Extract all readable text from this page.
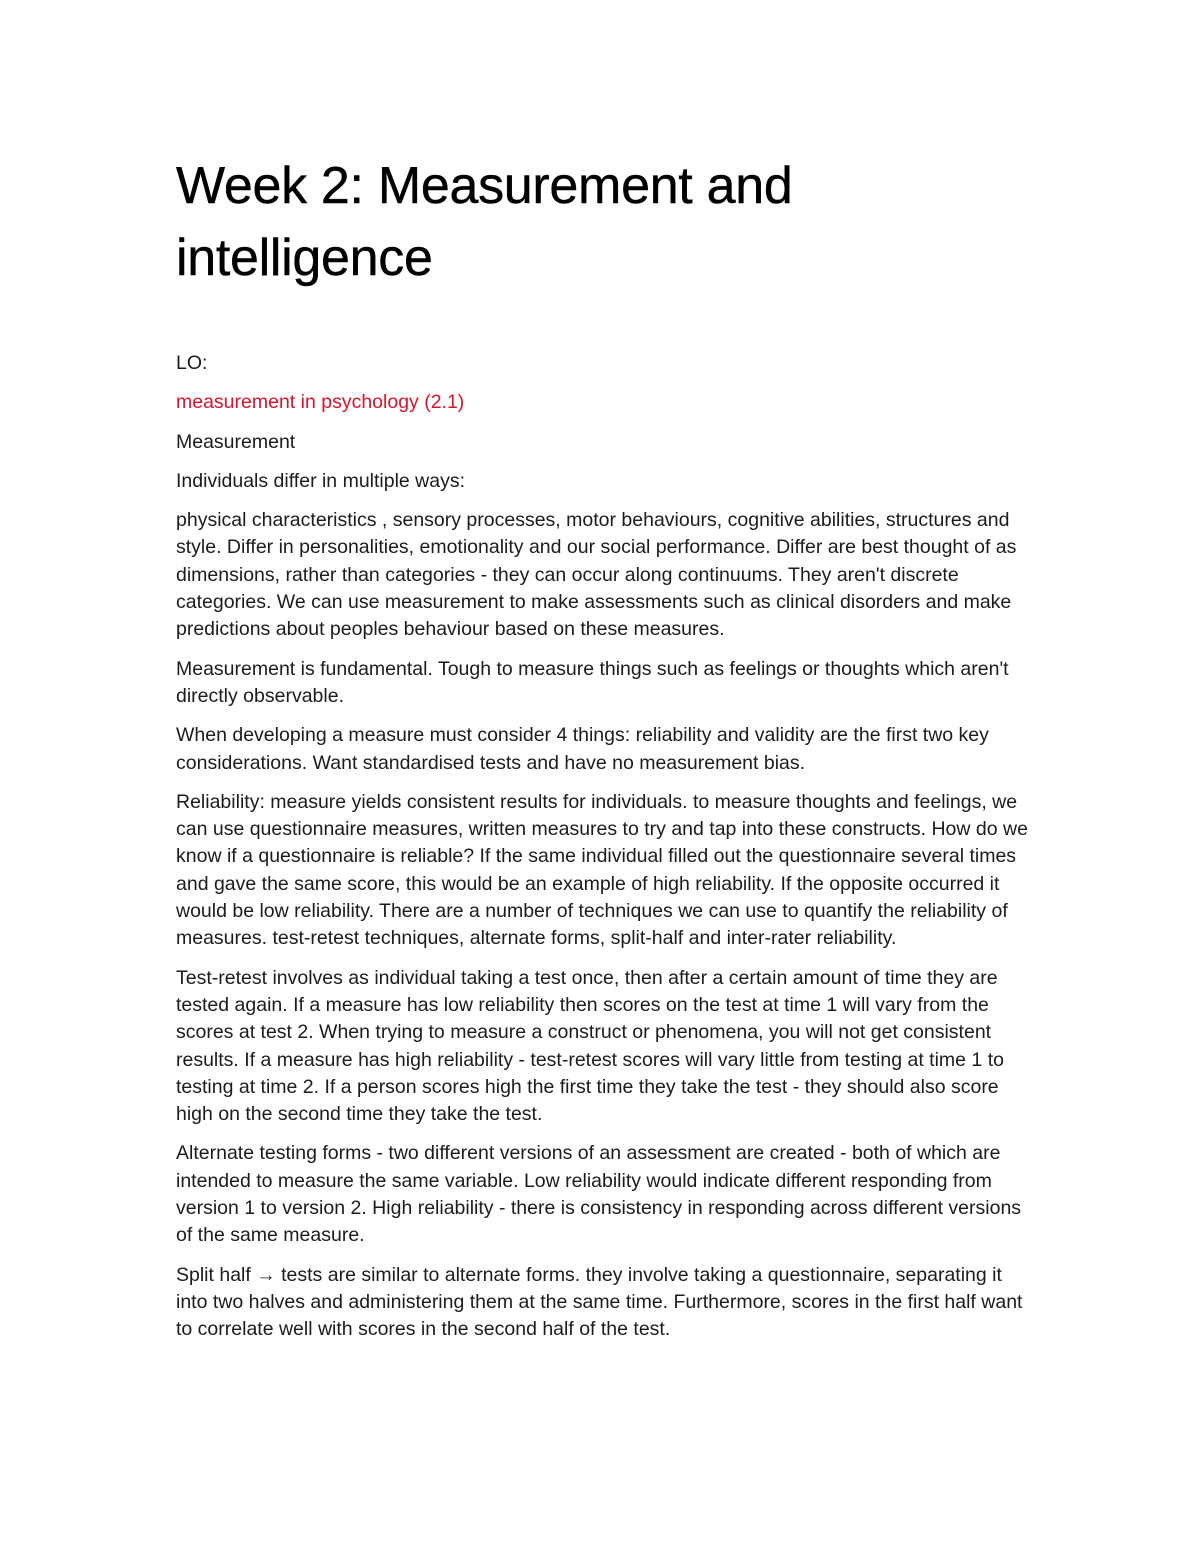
Week 2: Measurement and intelligence

LO:

measurement in psychology (2.1)

Measurement

Individuals differ in multiple ways:

physical characteristics , sensory processes, motor behaviours, cognitive abilities, structures and style. Differ in personalities, emotionality and our social performance. Differ are best thought of as dimensions, rather than categories - they can occur along continuums. They aren't discrete categories. We can use measurement to make assessments such as clinical disorders and make predictions about peoples behaviour based on these measures.

Measurement is fundamental. Tough to measure things such as feelings or thoughts which aren't directly observable.

When developing a measure must consider 4 things: reliability and validity are the first two key considerations. Want standardised tests and have no measurement bias.

Reliability: measure yields consistent results for individuals. to measure thoughts and feelings, we can use questionnaire measures, written measures to try and tap into these constructs. How do we know if a questionnaire is reliable? If the same individual filled out the questionnaire several times and gave the same score, this would be an example of high reliability. If the opposite occurred it would be low reliability. There are a number of techniques we can use to quantify the reliability of measures. test-retest techniques, alternate forms, split-half and inter-rater reliability.

Test-retest involves as individual taking a test once, then after a certain amount of time they are tested again. If a measure has low reliability then scores on the test at time 1 will vary from the scores at test 2. When trying to measure a construct or phenomena, you will not get consistent results. If a measure has high reliability - test-retest scores will vary little from testing at time 1 to testing at time 2. If a person scores high the first time they take the test - they should also score high on the second time they take the test.

Alternate testing forms - two different versions of an assessment are created - both of which are intended to measure the same variable. Low reliability would indicate different responding from version 1 to version 2. High reliability - there is consistency in responding across different versions of the same measure.

Split half → tests are similar to alternate forms. they involve taking a questionnaire, separating it into two halves and administering them at the same time. Furthermore, scores in the first half want to correlate well with scores in the second half of the test.
